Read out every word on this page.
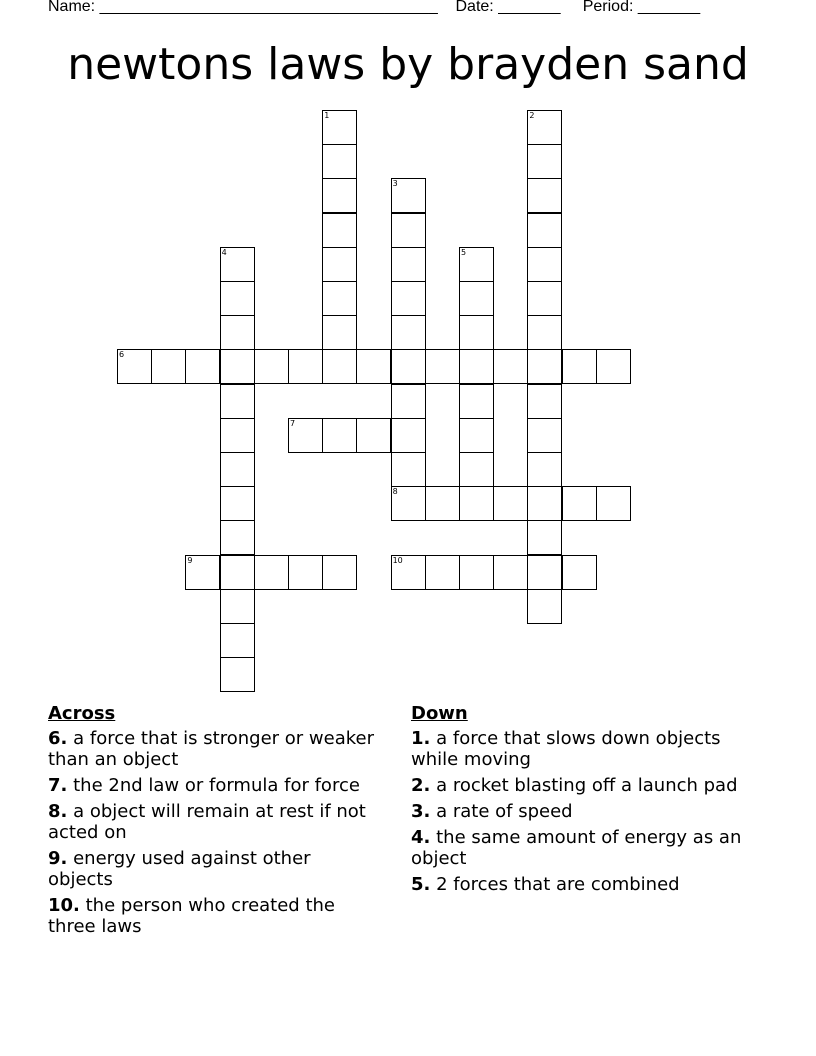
Name: ______________________________________ Date: _______ Period: _______
newtons laws by brayden sand
1	2
3
8
4	5
6
7
9	10
Across
6. a force that is stronger or weaker than an object
7. the 2nd law or formula for force
8. a object will remain at rest if not acted on
9. energy used against other objects
10. the person who created the three laws
Down
1. a force that slows down objects while moving
2. a rocket blasting off a launch pad
3. a rate of speed
4. the same amount of energy as an object
5. 2 forces that are combined
